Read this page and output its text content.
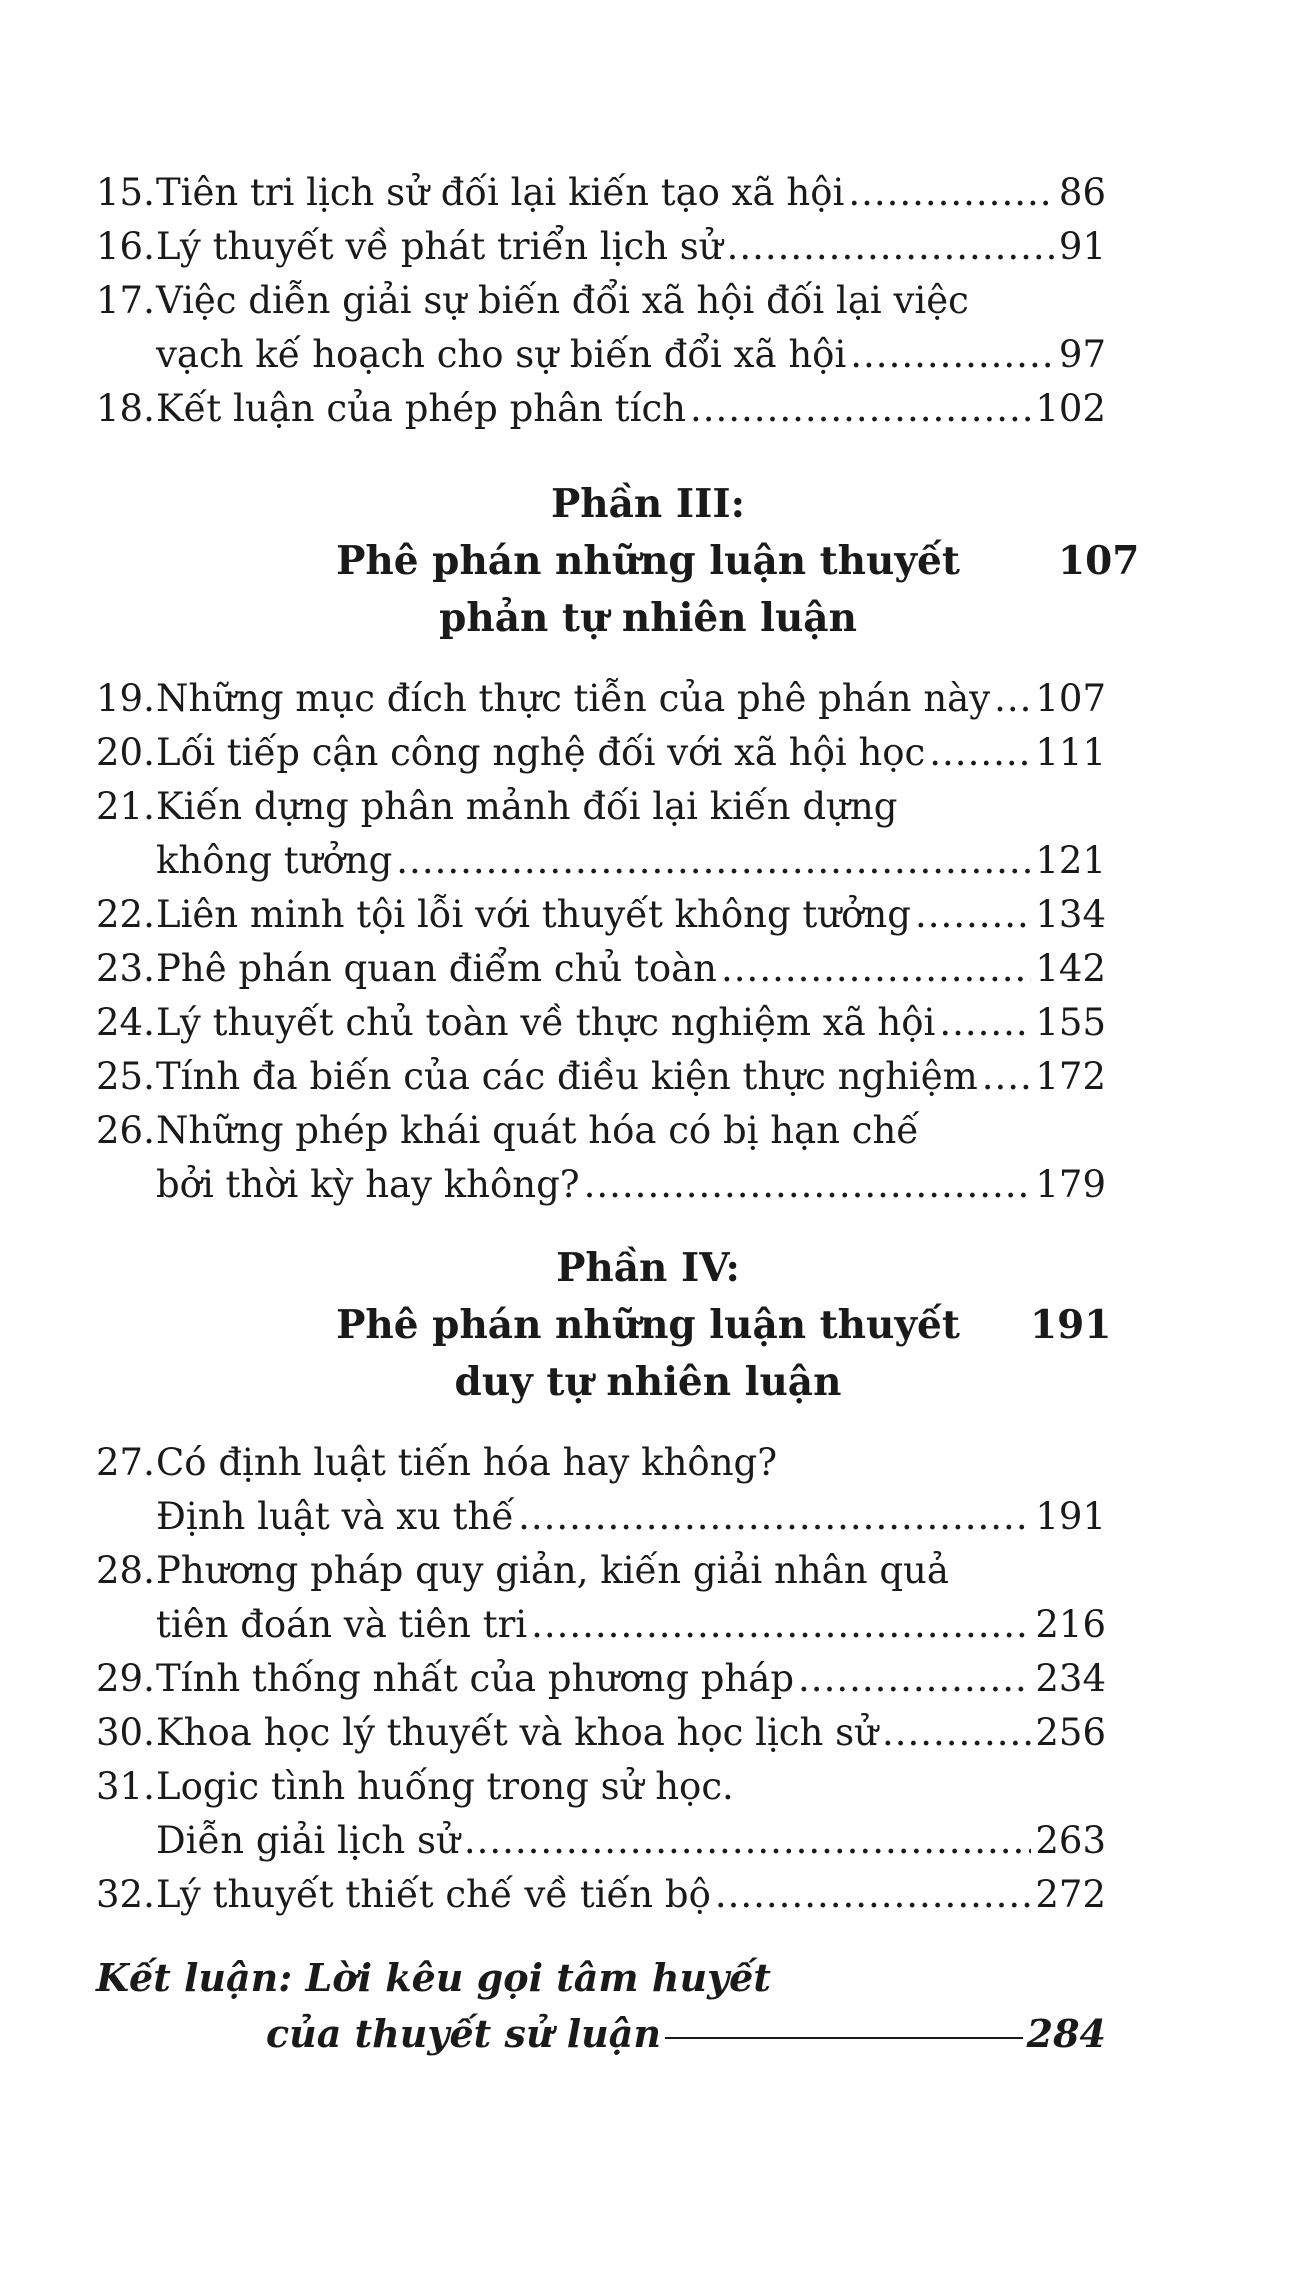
15. Tiên tri lịch sử đối lại kiến tạo xã hội .....	86
16. Lý thuyết về phát triển lịch sử .....	91
17. Việc diễn giải sự biến đổi xã hội đối lại việc
vạch kế hoạch cho sự biến đổi xã hội .....	97
18. Kết luận của phép phân tích .....	102
Phần III:
Phê phán những luận thuyết	107
phản tự nhiên luận
19. Những mục đích thực tiễn của phê phán này ..... 107
20. Lối tiếp cận công nghệ đối với xã hội học .....	111
21. Kiến dựng phân mảnh đối lại kiến dựng
không tưởng .....	121
22. Liên minh tội lỗi với thuyết không tưởng .....	134
23. Phê phán quan điểm chủ toàn .....	142
24. Lý thuyết chủ toàn về thực nghiệm xã hội .....	155
25. Tính đa biến của các điều kiện thực nghiệm ..... 172
26. Những phép khái quát hóa có bị hạn chế
bởi thời kỳ hay không? .....	179
Phần IV:
Phê phán những luận thuyết	191
duy tự nhiên luận
27. Có định luật tiến hóa hay không?
Định luật và xu thế .....	191
28. Phương pháp quy giản, kiến giải nhân quả
tiên đoán và tiên tri .....	216
29. Tính thống nhất của phương pháp .....	234
30. Khoa học lý thuyết và khoa học lịch sử .....	256
31. Logic tình huống trong sử học.
Diễn giải lịch sử .....	263
32. Lý thuyết thiết chế về tiến bộ .....	272
Kết luận: Lời kêu gọi tâm huyết
của thuyết sử luận	284
